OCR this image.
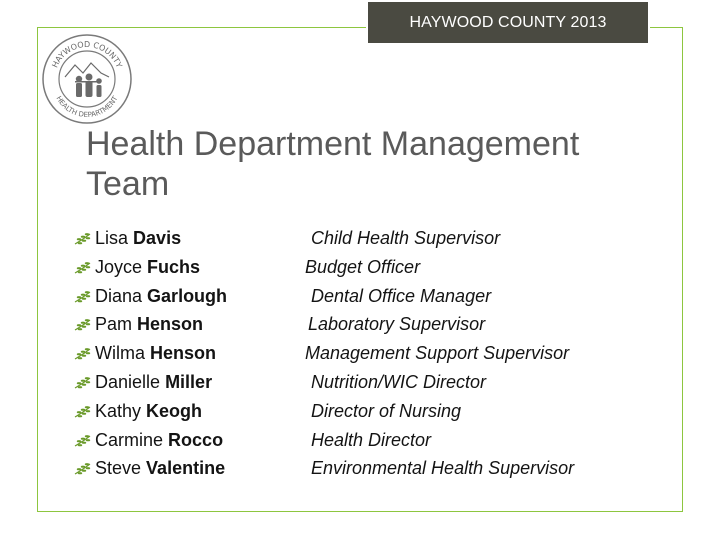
HAYWOOD COUNTY 2013
HAYWOOD COUNTY
HEALTH DEPARTMENT
Health Department Management Team
Lisa Davis	Child Health Supervisor
Joyce Fuchs	Budget Officer
Diana Garlough	Dental Office Manager
Pam Henson	Laboratory Supervisor
Wilma Henson	Management Support Supervisor
Danielle Miller	Nutrition/WIC Director
Kathy Keogh	Director of Nursing
Carmine Rocco	Health Director
Steve Valentine	Environmental Health Supervisor
